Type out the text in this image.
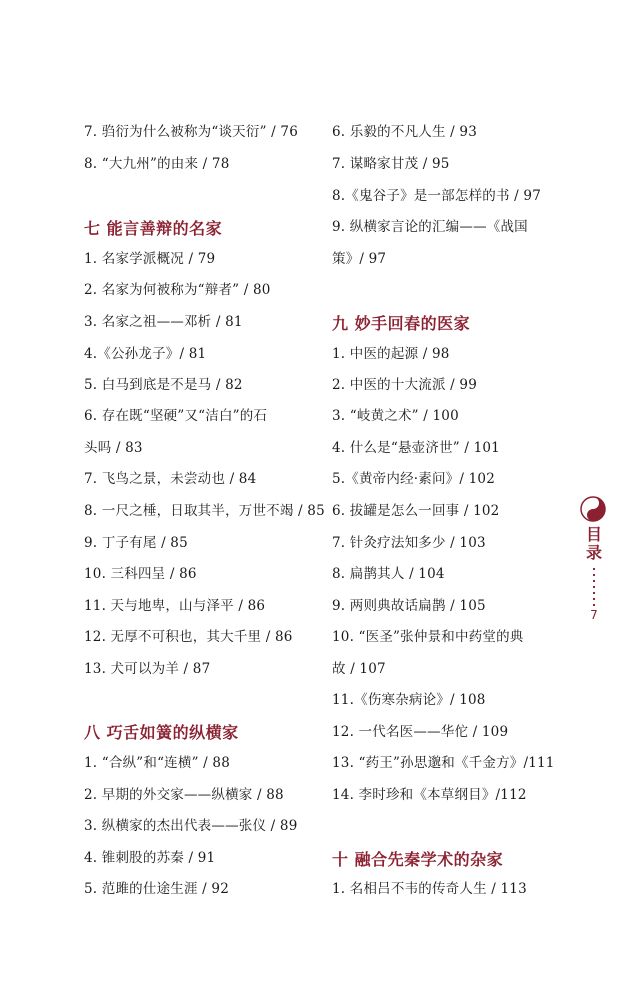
7. 驺衍为什么被称为“谈天衍” / 76
8. “大九州”的由来 / 78
七 能言善辩的名家
1. 名家学派概况 / 79
2. 名家为何被称为“辩者” / 80
3. 名家之祖——邓析 / 81
4.《公孙龙子》/ 81
5. 白马到底是不是马 / 82
6. 存在既“坚硬”又“洁白”的石
头吗 / 83
7. 飞鸟之景，未尝动也 / 84
8. 一尺之棰，日取其半，万世不竭 / 85
9. 丁子有尾 / 85
10. 三科四呈 / 86
11. 天与地卑，山与泽平 / 86
12. 无厚不可积也，其大千里 / 86
13. 犬可以为羊 / 87
八 巧舌如簧的纵横家
1. “合纵”和“连横” / 88
2. 早期的外交家——纵横家 / 88
3. 纵横家的杰出代表——张仪 / 89
4. 锥刺股的苏秦 / 91
5. 范雎的仕途生涯 / 92
6. 乐毅的不凡人生 / 93
7. 谋略家甘茂 / 95
8.《鬼谷子》是一部怎样的书 / 97
9. 纵横家言论的汇编——《战国
策》/ 97
九 妙手回春的医家
1. 中医的起源 / 98
2. 中医的十大流派 / 99
3. “岐黄之术” / 100
4. 什么是“悬壶济世” / 101
5.《黄帝内经·素问》/ 102
6. 拔罐是怎么一回事 / 102
7. 针灸疗法知多少 / 103
8. 扁鹊其人 / 104
9. 两则典故话扁鹊 / 105
10. “医圣”张仲景和中药堂的典
故 / 107
11.《伤寒杂病论》/ 108
12. 一代名医——华佗 / 109
13. “药王”孙思邈和《千金方》/111
14. 李时珍和《本草纲目》/112
十 融合先秦学术的杂家
1. 名相吕不韦的传奇人生 / 113
目录
7
